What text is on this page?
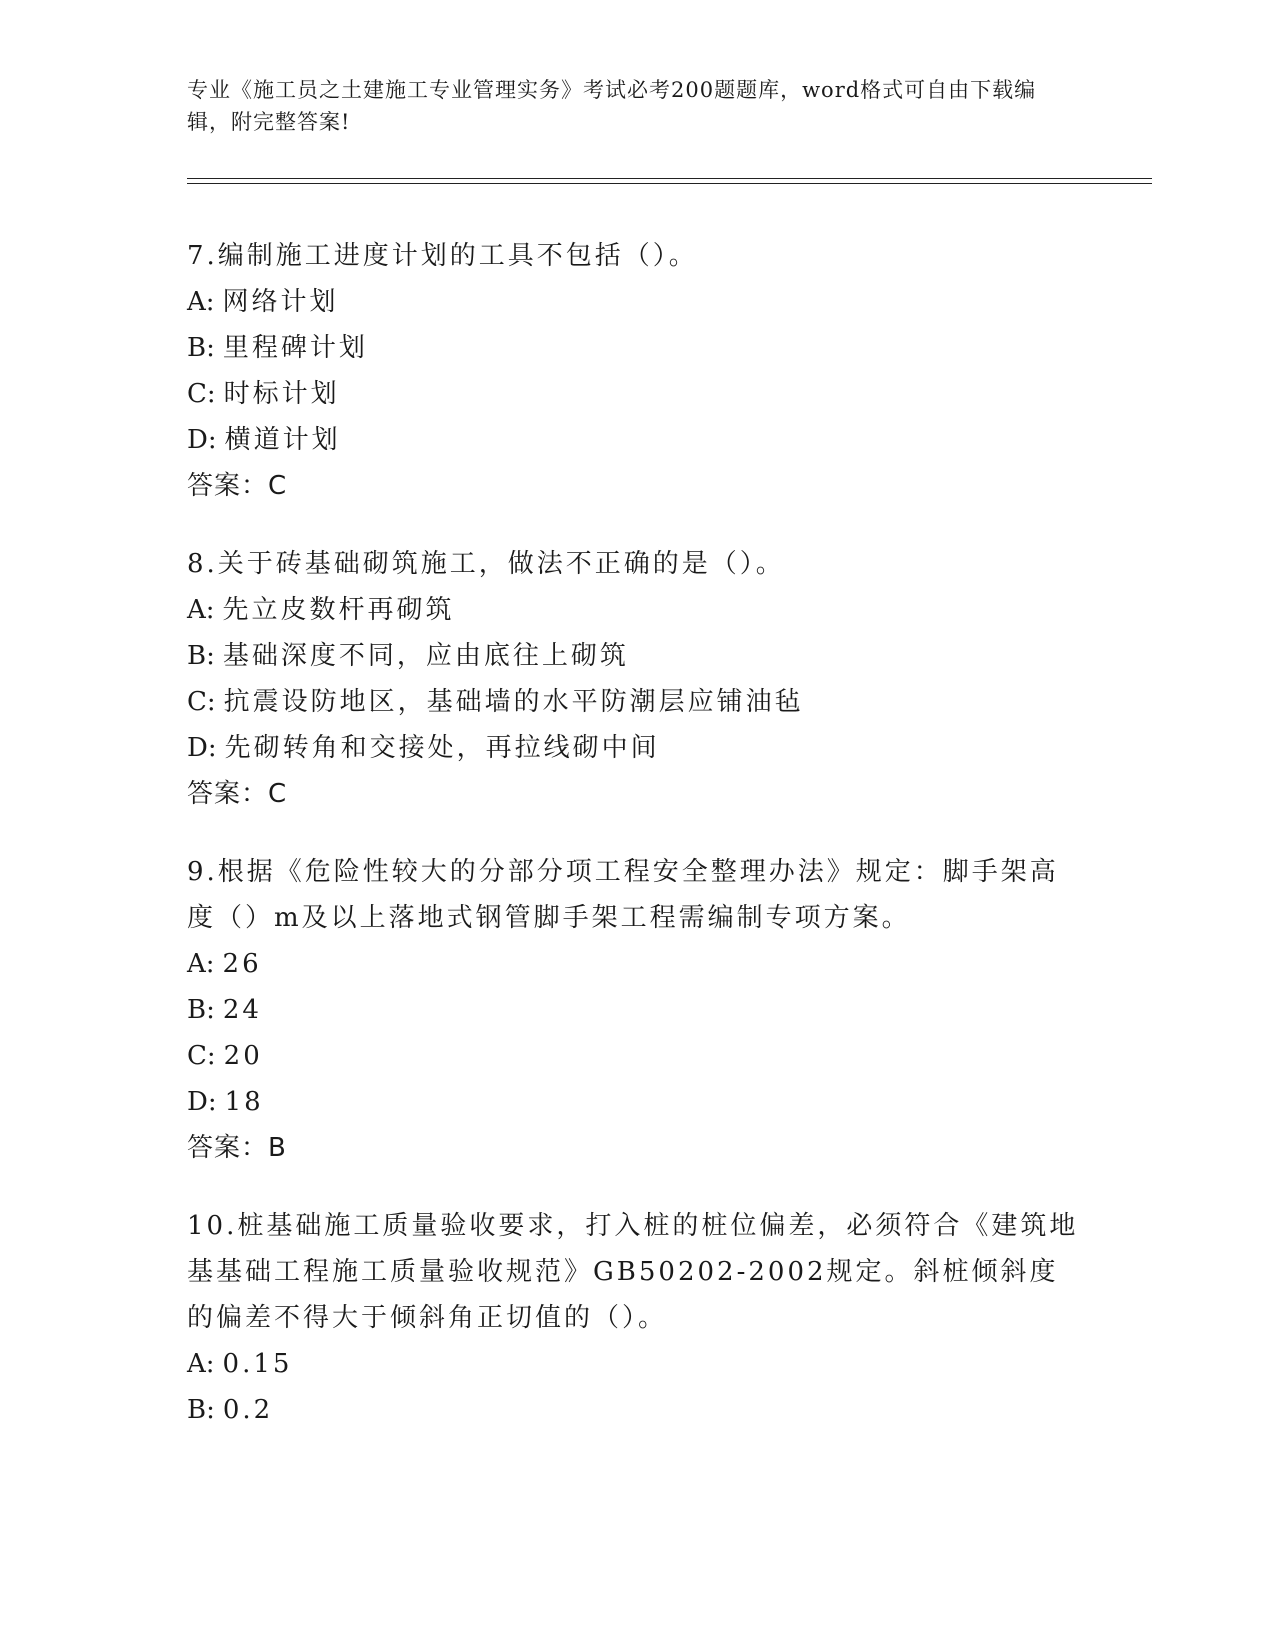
专业《施工员之土建施工专业管理实务》考试必考200题题库，word格式可自由下载编辑，附完整答案!

7.编制施工进度计划的工具不包括（）。

A: 网络计划

B: 里程碑计划

C: 时标计划

D: 横道计划

答案：C

8.关于砖基础砌筑施工，做法不正确的是（）。

A: 先立皮数杆再砌筑

B: 基础深度不同，应由底往上砌筑

C: 抗震设防地区，基础墙的水平防潮层应铺油毡

D: 先砌转角和交接处，再拉线砌中间

答案：C

9.根据《危险性较大的分部分项工程安全整理办法》规定：脚手架高度（）m及以上落地式钢管脚手架工程需编制专项方案。

A: 26

B: 24

C: 20

D: 18

答案：B

10.桩基础施工质量验收要求，打入桩的桩位偏差，必须符合《建筑地基基础工程施工质量验收规范》GB50202-2002规定。斜桩倾斜度的偏差不得大于倾斜角正切值的（）。

A: 0.15

B: 0.2
